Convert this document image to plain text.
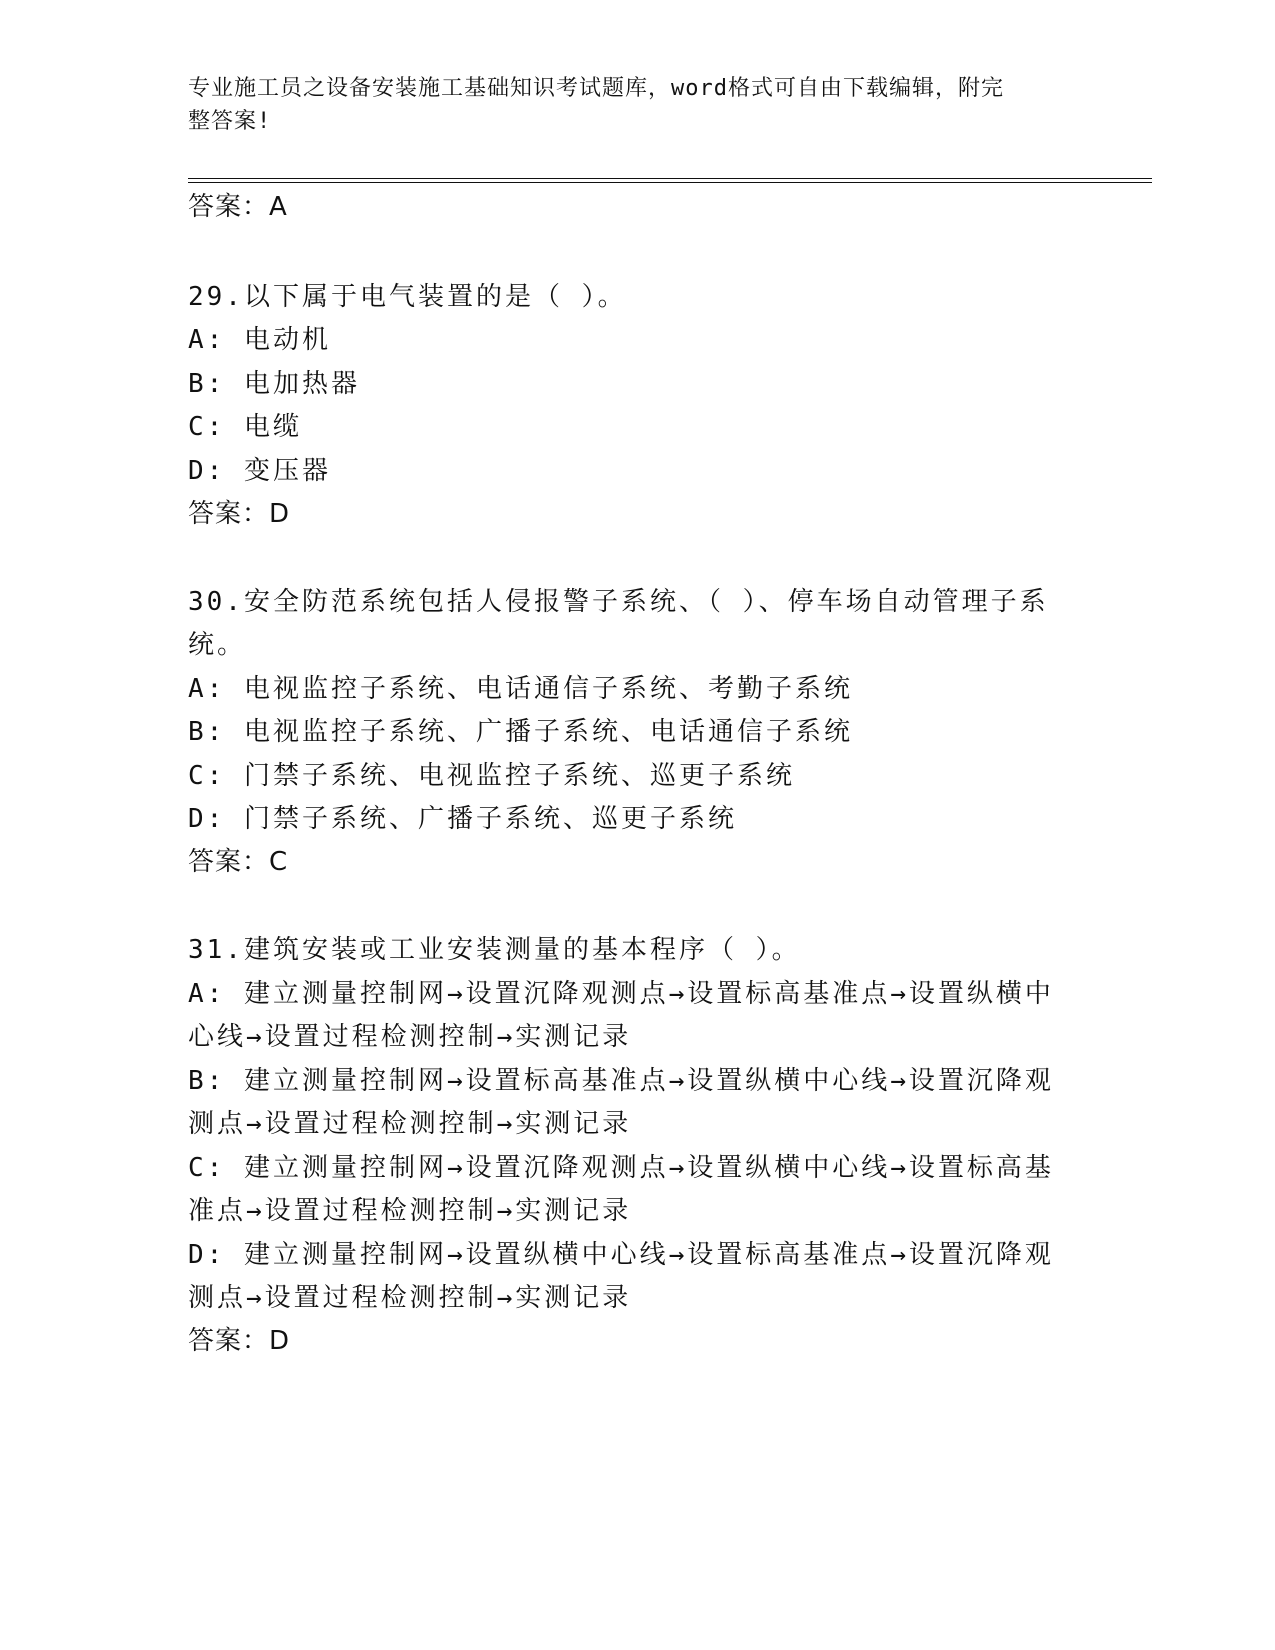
专业施工员之设备安装施工基础知识考试题库，word格式可自由下载编辑，附完
整答案!
答案：A
29.以下属于电气装置的是（ ）。
A: 电动机
B: 电加热器
C: 电缆
D: 变压器
答案：D
30.安全防范系统包括人侵报警子系统、（ ）、停车场自动管理子系
统。
A: 电视监控子系统、电话通信子系统、考勤子系统
B: 电视监控子系统、广播子系统、电话通信子系统
C: 门禁子系统、电视监控子系统、巡更子系统
D: 门禁子系统、广播子系统、巡更子系统
答案：C
31.建筑安装或工业安装测量的基本程序（ ）。
A: 建立测量控制网→设置沉降观测点→设置标高基准点→设置纵横中
心线→设置过程检测控制→实测记录
B: 建立测量控制网→设置标高基准点→设置纵横中心线→设置沉降观
测点→设置过程检测控制→实测记录
C: 建立测量控制网→设置沉降观测点→设置纵横中心线→设置标高基
准点→设置过程检测控制→实测记录
D: 建立测量控制网→设置纵横中心线→设置标高基准点→设置沉降观
测点→设置过程检测控制→实测记录
答案：D
